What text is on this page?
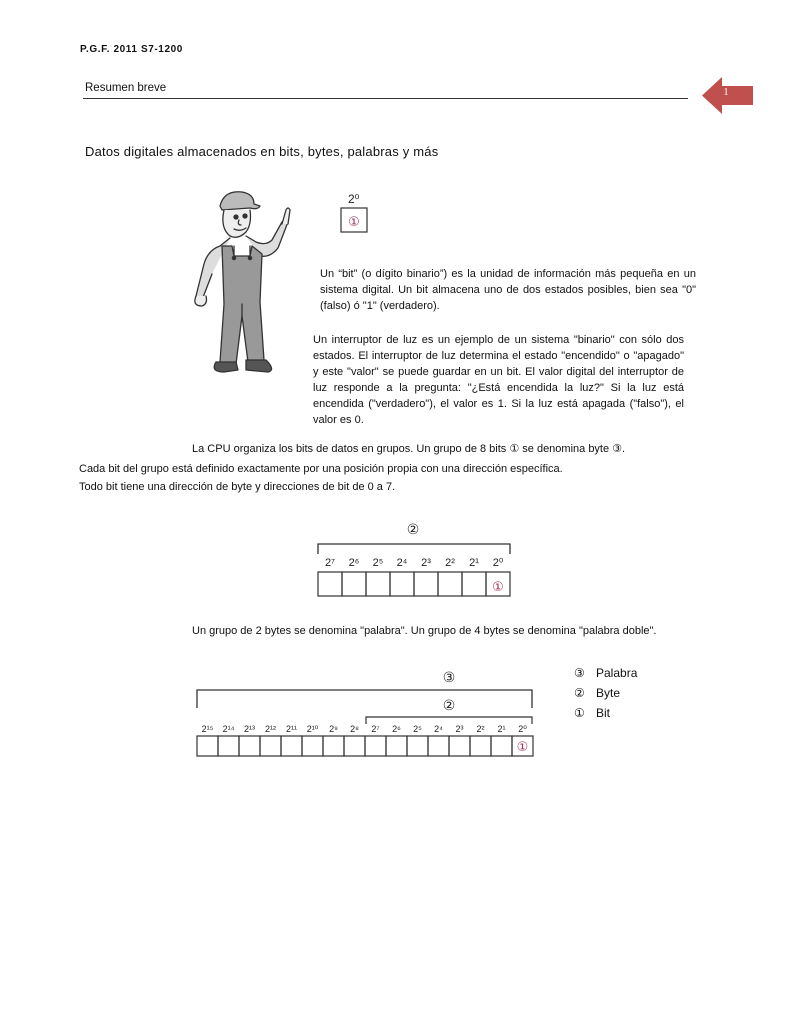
P.G.F. 2011 S7-1200
Resumen breve	1
Datos digitales almacenados en bits, bytes, palabras y más
2⁰
①
Un “bit” (o dígito binario”) es la unidad de información más pequeña en un sistema digital. Un bit almacena uno de dos estados posibles, bien sea "0" (falso) ó "1" (verdadero).
Un interruptor de luz es un ejemplo de un sistema "binario" con sólo dos estados. El interruptor de luz determina el estado "encendido" o "apagado" y este "valor" se puede guardar en un bit. El valor digital del interruptor de luz responde a la pregunta: "¿Está encendida la luz?" Si la luz está encendida ("verdadero"), el valor es 1. Si la luz está apagada ("falso"), el valor es 0.
La CPU organiza los bits de datos en grupos. Un grupo de 8 bits ① se denomina byte ③.
Cada bit del grupo está definido exactamente por una posición propia con una dirección específica.
Todo bit tiene una dirección de byte y direcciones de bit de 0 a 7.
②
2⁷ 2⁶ 2⁵ 2⁴ 2³ 2² 2¹ 2⁰
①
Un grupo de 2 bytes se denomina "palabra". Un grupo de 4 bytes se denomina "palabra doble".
③
②
2¹⁵ 2¹⁴ 2¹³ 2¹² 2¹¹ 2¹⁰ 2⁹ 2⁸ 2⁷ 2⁶ 2⁵ 2⁴ 2³ 2² 2¹ 2⁰
①
③ Palabra
② Byte
① Bit
